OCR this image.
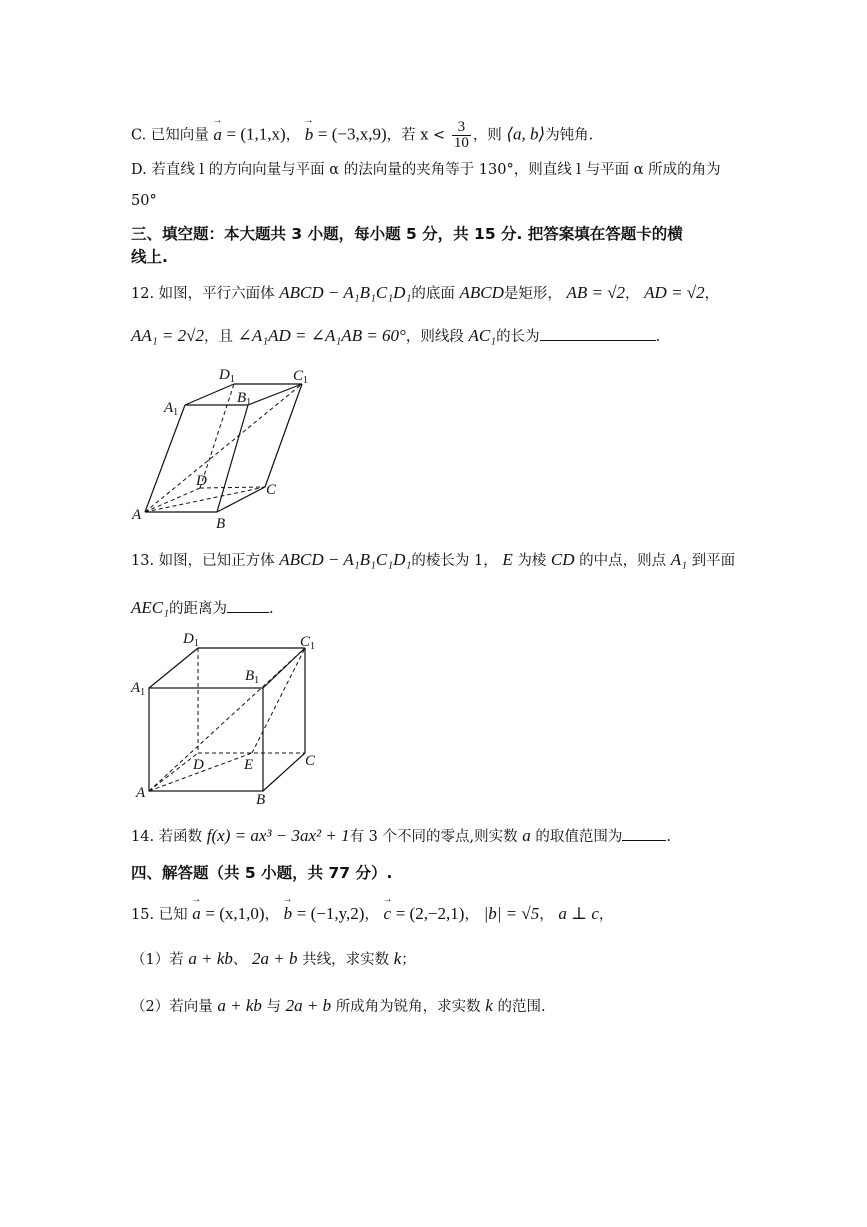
C. 已知向量 → a = (1,1,x)， → b = (−3,x,9)，若 $x < \frac{3}{10}$ ，则 ⟨a, b⟩为钝角.
D. 若直线 l 的方向向量与平面 α 的法向量的夹角等于 130°，则直线 l 与平面 α 所成的角为
50°
三、填空题：本大题共 3 小题，每小题 5 分，共 15 分. 把答案填在答题卡的横
线上.
12. 如图，平行六面体 ABCD − A₁B₁C₁D₁的底面 ABCD是矩形， AB = √2， AD = √2，
AA₁ = 2√2，且 ∠A₁AD = ∠A₁AB = 60°，则线段 AC₁的长为	.
A
B
C
D
$A_1$
$B_1$
$C_1$
$D_1$
13. 如图，已知正方体 ABCD − A₁B₁C₁D₁的棱长为 1， E 为棱 CD 的中点，则点 A₁ 到平面
AEC₁的距离为	.
A	B
C
D	E
$A_1$
$B_1$
$C_1$
$D_1$
14. 若函数 f(x) = ax³ − 3ax² + 1有 3 个不同的零点,则实数 a 的取值范围为	.
四、解答题（共 5 小题，共 77 分）.
15. 已知 → a = (x,1,0)， → b = (−1,y,2)， → c = (2,−2,1)， |b| = √5， a ⊥ c，
（1）若 a + kb、 2a + b 共线，求实数 k；
（2）若向量 a + kb 与 2a + b 所成角为锐角，求实数 k 的范围.
